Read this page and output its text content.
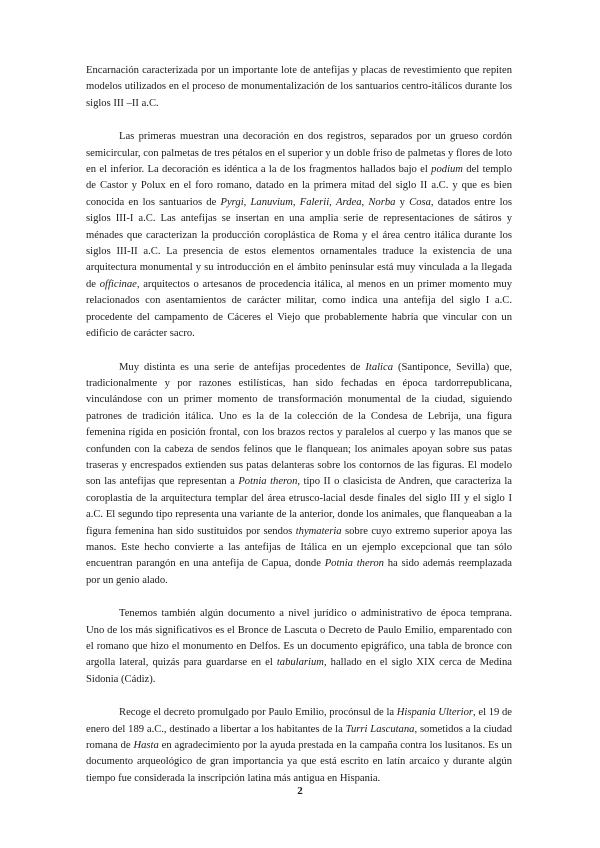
Encarnación caracterizada por un importante lote de antefijas y placas de revestimiento que repiten modelos utilizados en el proceso de monumentalización de los santuarios centro-itálicos durante los siglos III –II a.C.

Las primeras muestran una decoración en dos registros, separados por un grueso cordón semicircular, con palmetas de tres pétalos en el superior y un doble friso de palmetas y flores de loto en el inferior. La decoración es idéntica a la de los fragmentos hallados bajo el podium del templo de Castor y Polux en el foro romano, datado en la primera mitad del siglo II a.C. y que es bien conocida en los santuarios de Pyrgi, Lanuvium, Falerii, Ardea, Norba y Cosa, datados entre los siglos III-I a.C. Las antefijas se insertan en una amplia serie de representaciones de sátiros y ménades que caracterizan la producción coroplástica de Roma y el área centro itálica durante los siglos III-II a.C. La presencia de estos elementos ornamentales traduce la existencia de una arquitectura monumental y su introducción en el ámbito peninsular está muy vinculada a la llegada de officinae, arquitectos o artesanos de procedencia itálica, al menos en un primer momento muy relacionados con asentamientos de carácter militar, como indica una antefija del siglo I a.C. procedente del campamento de Cáceres el Viejo que probablemente habría que vincular con un edificio de carácter sacro.

Muy distinta es una serie de antefijas procedentes de Italica (Santiponce, Sevilla) que, tradicionalmente y por razones estilísticas, han sido fechadas en época tardorrepublicana, vinculándose con un primer momento de transformación monumental de la ciudad, siguiendo patrones de tradición itálica. Uno es la de la colección de la Condesa de Lebrija, una figura femenina rígida en posición frontal, con los brazos rectos y paralelos al cuerpo y las manos que se confunden con la cabeza de sendos felinos que le flanquean; los animales apoyan sobre sus patas traseras y encrespados extienden sus patas delanteras sobre los contornos de las figuras. El modelo son las antefijas que representan a Potnia theron, tipo II o clasicista de Andren, que caracteriza la coroplastia de la arquitectura templar del área etrusco-lacial desde finales del siglo III y el siglo I a.C. El segundo tipo representa una variante de la anterior, donde los animales, que flanqueaban a la figura femenina han sido sustituidos por sendos thymateria sobre cuyo extremo superior apoya las manos. Este hecho convierte a las antefijas de Itálica en un ejemplo excepcional que tan sólo encuentran parangón en una antefija de Capua, donde Potnia theron ha sido además reemplazada por un genio alado.

Tenemos también algún documento a nivel jurídico o administrativo de época temprana. Uno de los más significativos es el Bronce de Lascuta o Decreto de Paulo Emilio, emparentado con el romano que hizo el monumento en Delfos. Es un documento epigráfico, una tabla de bronce con argolla lateral, quizás para guardarse en el tabularium, hallado en el siglo XIX cerca de Medina Sidonia (Cádiz).

Recoge el decreto promulgado por Paulo Emilio, procónsul de la Hispania Ulterior, el 19 de enero del 189 a.C., destinado a libertar a los habitantes de la Turri Lascutana, sometidos a la ciudad romana de Hasta en agradecimiento por la ayuda prestada en la campaña contra los lusitanos. Es un documento arqueológico de gran importancia ya que está escrito en latín arcaico y durante algún tiempo fue considerada la inscripción latina más antigua en Hispania.

2
